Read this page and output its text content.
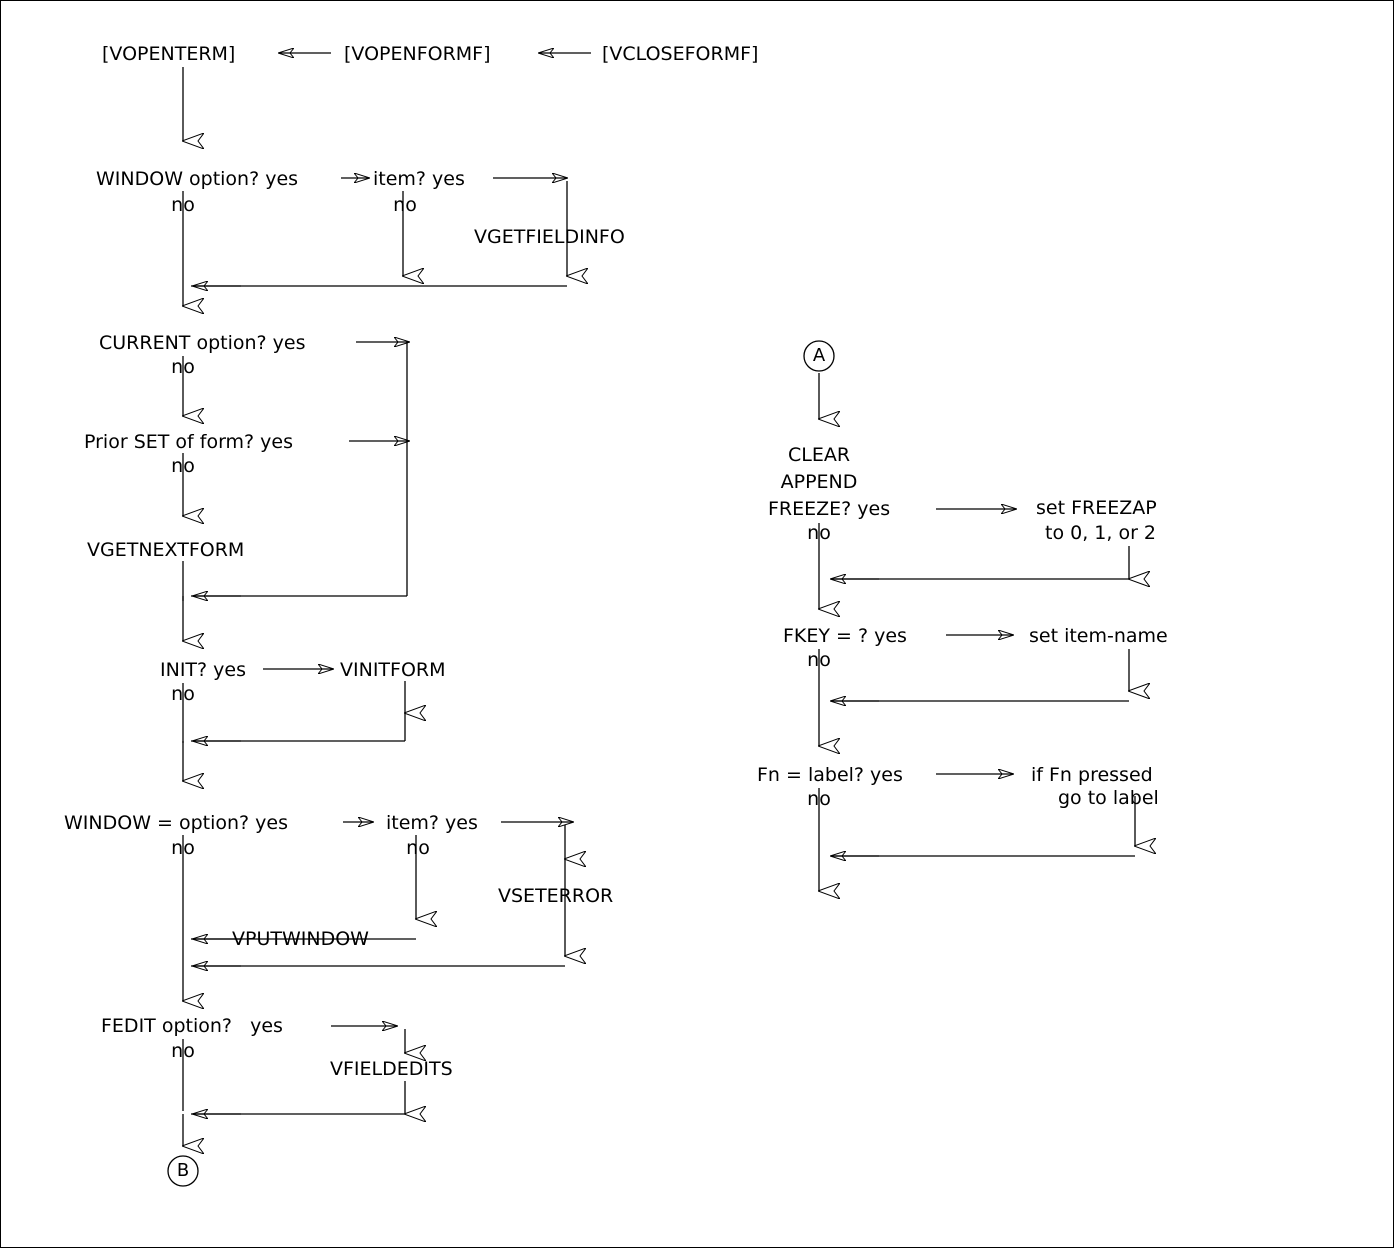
[VOPENTERM]	[VOPENFORMF]	[VCLOSEFORMF]
WINDOW option? yes
no
item? yes
no
VGETFIELDINFO
CURRENT option? yes
no
Prior SET of form? yes
no
VGETNEXTFORM
INIT? yes
no
VINITFORM
WINDOW = option? yes
no
item? yes
no
VSETERROR
VPUTWINDOW
FEDIT option?   yes
no
VFIELDEDITS
B
A
CLEAR
APPEND
FREEZE? yes
no
set FREEZAP
to 0, 1, or 2
FKEY = ? yes
no
set item-name
Fn = label? yes
no
if Fn pressed
go to label
